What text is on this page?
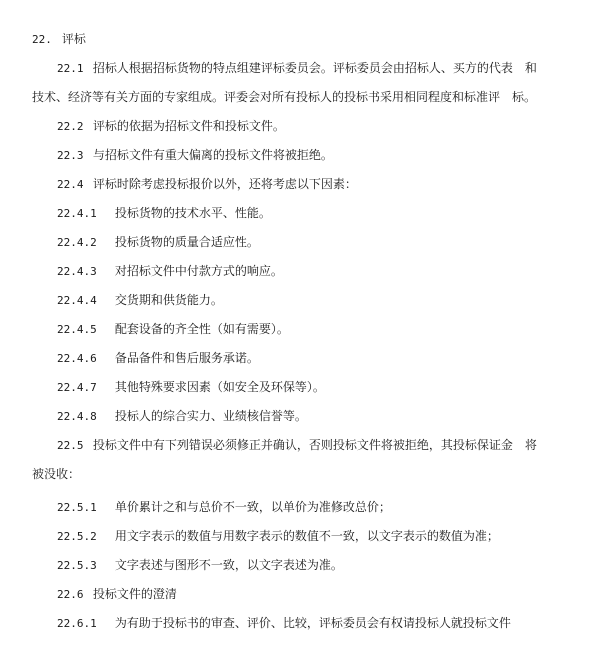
22. 评标
22.1 招标人根据招标货物的特点组建评标委员会。评标委员会由招标人、买方的代表　和
技术、经济等有关方面的专家组成。评委会对所有投标人的投标书采用相同程度和标准评　标。
22.2 评标的依据为招标文件和投标文件。
22.3 与招标文件有重大偏离的投标文件将被拒绝。
22.4 评标时除考虑投标报价以外，还将考虑以下因素：
22.4.1 投标货物的技术水平、性能。
22.4.2 投标货物的质量合适应性。
22.4.3 对招标文件中付款方式的响应。
22.4.4 交货期和供货能力。
22.4.5 配套设备的齐全性（如有需要）。
22.4.6 备品备件和售后服务承诺。
22.4.7 其他特殊要求因素（如安全及环保等）。
22.4.8 投标人的综合实力、业绩核信誉等。
22.5 投标文件中有下列错误必须修正并确认，否则投标文件将被拒绝，其投标保证金　将
被没收：
22.5.1 单价累计之和与总价不一致，以单价为准修改总价；
22.5.2 用文字表示的数值与用数字表示的数值不一致，以文字表示的数值为准；
22.5.3 文字表述与图形不一致，以文字表述为准。
22.6 投标文件的澄清
22.6.1 为有助于投标书的审查、评价、比较，评标委员会有权请投标人就投标文件
